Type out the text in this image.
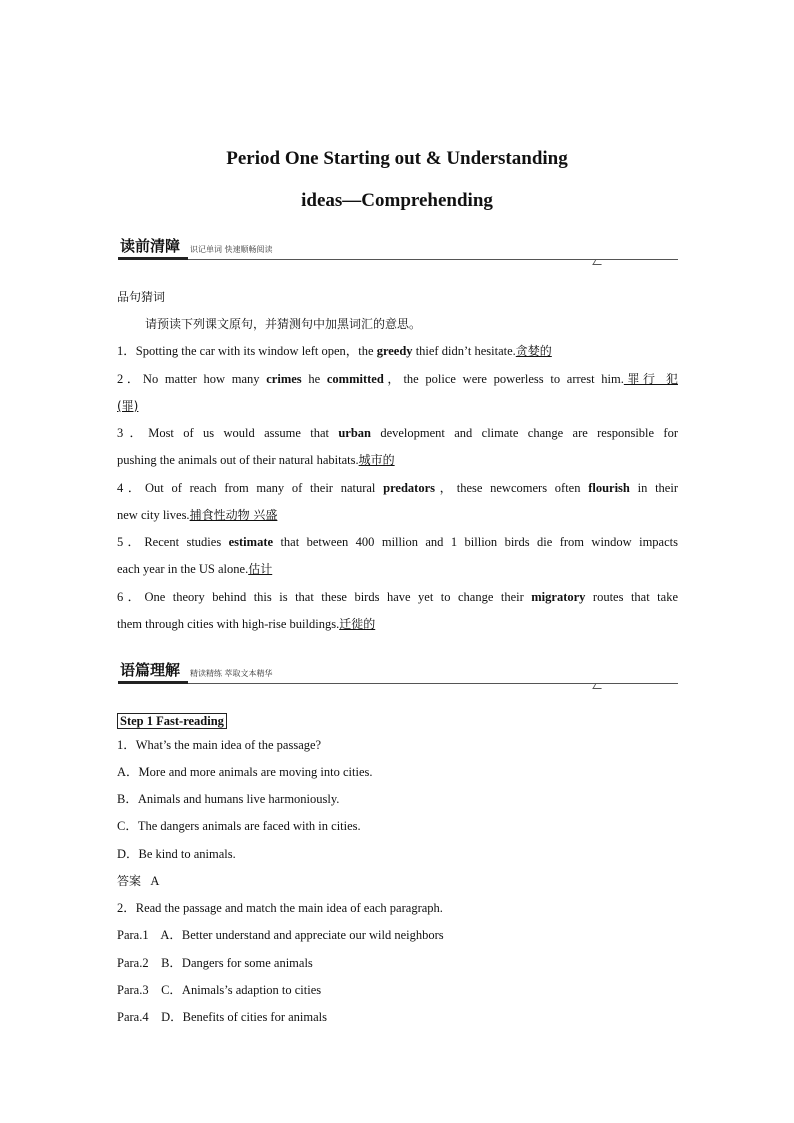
Period One Starting out & Understanding
ideas—Comprehending
读前清障 识记单词 快速顺畅阅读
品句猜词
请预读下列课文原句，并猜测句中加黑词汇的意思。
1．Spotting the car with its window left open，the greedy thief didn’t hesitate.贪婪的
2．No matter how many crimes he committed，the police were powerless to arrest him.罪行 犯
(罪)
3．Most of us would assume that urban development and climate change are responsible for
pushing the animals out of their natural habitats.城市的
4．Out of reach from many of their natural predators，these newcomers often flourish in their
new city lives.捕食性动物 兴盛
5．Recent studies estimate that between 400 million and 1 billion birds die from window impacts
each year in the US alone.估计
6．One theory behind this is that these birds have yet to change their migratory routes that take
them through cities with high-rise buildings.迁徙的
语篇理解 精读精练 萃取文本精华
Step 1 Fast-reading
1．What’s the main idea of the passage?
A．More and more animals are moving into cities.
B．Animals and humans live harmoniously.
C．The dangers animals are faced with in cities.
D．Be kind to animals.
答案 A
2．Read the passage and match the main idea of each paragraph.
Para.1    A．Better understand and appreciate our wild neighbors
Para.2    B．Dangers for some animals
Para.3    C．Animals’s adaption to cities
Para.4    D．Benefits of cities for animals
